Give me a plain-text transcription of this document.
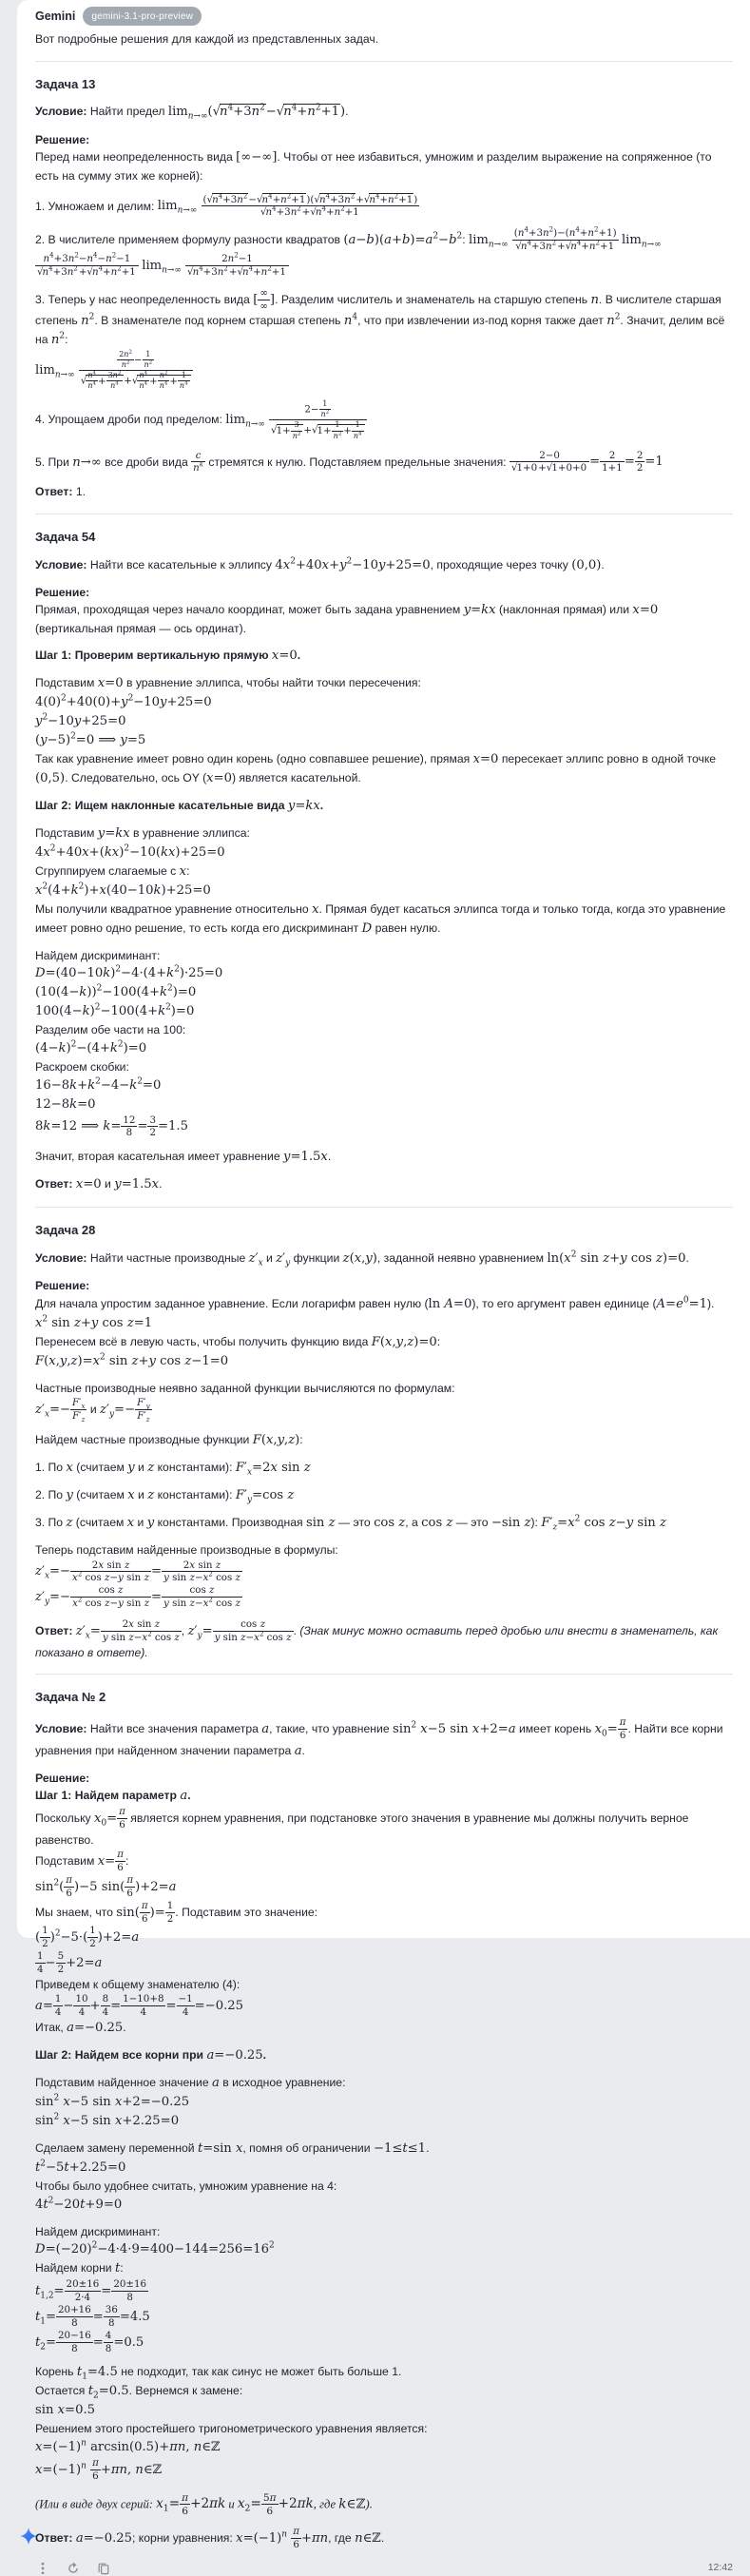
Gemini	gemini-3.1-pro-preview
Вот подробные решения для каждой из представленных задач.
Задача 13
Условие: Найти предел $\lim_{n\to\infty}(√n^4+3n^2-√n^4+n^2+1)$.
Решение:
Перед нами неопределенность вида [∞−∞]. Чтобы от нее избавиться, умножим и разделим выражение на сопряженное (то есть на сумму этих же корней):
1. Умножаем и делим: $\lim_{n\to\infty} \frac{(√n^4+3n^2-√n^4+n^2+1)(√n^4+3n^2+√n^4+n^2+1)}{√n^4+3n^2+√n^4+n^2+1}$
2. В числителе применяем формулу разности квадратов $(a-b)(a+b)=a^2-b^2$: $\lim_{n\to\infty} \frac{(n^4+3n^2)-(n^4+n^2+1)}{√n^4+3n^2+√n^4+n^2+1} \lim_{n\to\infty}$
$\frac{n^4+3n^2-n^4-n^2-1}{√n^4+3n^2+√n^4+n^2+1} \lim_{n\to\infty} \frac{2n^2-1}{√n^4+3n^2+√n^4+n^2+1}$
3. Теперь у нас неопределенность вида [ $\frac{\infty}{\infty}$ ]. Разделим числитель и знаменатель на старшую степень n. В числителе старшая степень $n^2$. В знаменателе под корнем старшая степень $n^4$, что при извлечении из-под корня также дает $n^2$. Значит, делим всё на $n^2$:
$\lim_{n\to\infty} \frac{\frac{2n^2}{n^2} - \frac{1}{n^2}}{√ \frac{n^4}{n^4} + \frac{3n^2}{n^4} +√ \frac{n^4}{n^4} + \frac{n^2}{n^4} + \frac{1}{n^4}}$
4. Упрощаем дроби под пределом: $\lim_{n\to\infty} \frac{2- \frac{1}{n^2}}{√1+ \frac{3}{n^2} +√1+ \frac{1}{n^2} + \frac{1}{n^4}}$
5. При n→∞ все дроби вида $\frac{c}{n^k}$ стремятся к нулю. Подставляем предельные значения: $\frac{2-0}{√1+0+√1+0+0} = \frac{2}{1+1} = \frac{2}{2} =1$
Ответ: 1.
Задача 54
Условие: Найти все касательные к эллипсу $4x^2+40x+y^2-10y+25=0$, проходящие через точку (0,0).
Решение:
Прямая, проходящая через начало координат, может быть задана уравнением y=kx (наклонная прямая) или x=0 (вертикальная прямая — ось ординат).
Шаг 1: Проверим вертикальную прямую x=0.
Подставим x=0 в уравнение эллипса, чтобы найти точки пересечения:
$4(0)^2+40(0)+y^2-10y+25=0$
$y^2-10y+25=0$
$(y-5)^2=0$ ⟹ y=5
Так как уравнение имеет ровно один корень (одно совпавшее решение), прямая x=0 пересекает эллипс ровно в одной точке (0,5). Следовательно, ось OY (x=0) является касательной.
Шаг 2: Ищем наклонные касательные вида y=kx.
Подставим y=kx в уравнение эллипса:
$4x^2+40x+(kx)^2-10(kx)+25=0$
Сгруппируем слагаемые с x:
$x^2(4+k^2)+x(40-10k)+25=0$
Мы получили квадратное уравнение относительно x. Прямая будет касаться эллипса тогда и только тогда, когда это уравнение имеет ровно одно решение, то есть когда его дискриминант D равен нулю.
Найдем дискриминант:
$D=(40-10k)^2-4\cdot(4+k^2)\cdot 25=0$
$(10(4-k))^2-100(4+k^2)=0$
$100(4-k)^2-100(4+k^2)=0$
Разделим обе части на 100:
$(4-k)^2-(4+k^2)=0$
Раскроем скобки:
$16-8k+k^2-4-k^2=0$
12−8k=0
8k=12 ⟹ $k= \frac{12}{8} = \frac{3}{2} =1.5$
Значит, вторая касательная имеет уравнение y=1.5x.
Ответ: x=0 и y=1.5x.
Задача 28
Условие: Найти частные производные $z'_x$ и $z'_y$ функции z(x,y), заданной неявно уравнением $\ln(x^2$ sin z+y cos z)=0.
Решение:
Для начала упростим заданное уравнение. Если логарифм равен нулю (ln A=0), то его аргумент равен единице $(A=e^0=1)$.
$x^2$ sin z+y cos z=1
Перенесем всё в левую часть, чтобы получить функцию вида F(x,y,z)=0:
$F(x,y,z)=x^2$ sin z+y cos z−1=0
Частные производные неявно заданной функции вычисляются по формулам:
$z'_x=- \frac{F'_x}{F'_z}$ и $z'_y=- \frac{F'_y}{F'_z}$
Найдем частные производные функции F(x,y,z):
1. По x (считаем y и z константами): $F'_x=2x$ sin z
2. По y (считаем x и z константами): $F'_y=\cos$ z
3. По z (считаем x и y константами. Производная sin z — это cos z, а cos z — это −sin z): $F'_z=x^2$ cos z−y sin z
Теперь подставим найденные производные в формулы:
$z'_x=- \frac{\text{2x sin z}}{x^2 \cos z-y \sin z} = \frac{\text{2x sin z}}{y \sin z-x^2 \cos z}$

$z'_y=- \frac{\text{cos z}}{x^2 \cos z-y \sin z} = \frac{\text{cos z}}{y \sin z-x^2 \cos z}$
Ответ: $z'_x= \frac{\text{2x sin z}}{y \sin z-x^2 \cos z}$ , $z'_y= \frac{\text{cos z}}{y \sin z-x^2 \cos z}$ . (Знак минус можно оставить перед дробью или внести в знаменатель, как показано в ответе).
Задача № 2
Условие: Найти все значения параметра a, такие, что уравнение $\sin^2 x-5$ sin x+2=a имеет корень $x_0= \frac{\pi}{6}$ . Найти все корни уравнения при найденном значении параметра a.
Решение:
Шаг 1: Найдем параметр a.
Поскольку $x_0= \frac{\pi}{6}$ является корнем уравнения, при подстановке этого значения в уравнение мы должны получить верное равенство.
Подставим $x= \frac{\pi}{6}$ :
$\sin^2( \frac{\pi}{6} )-5$ $\sin( \frac{\pi}{6} )+2=a$
Мы знаем, что $\sin( \frac{\pi}{6}$ )= $\frac{1}{2}$ . Подставим это значение:
( $\frac{1}{2} )^2-5\cdot( \frac{1}{2} )+2=a$

$\frac{1}{4} - \frac{5}{2} +2=a$
Приведем к общему знаменателю (4):
$a= \frac{1}{4} - \frac{10}{4} + \frac{8}{4} = \frac{1-10+8}{4} = \frac{-1}{4} =-0.25$
Итак, a=−0.25.
Шаг 2: Найдем все корни при a=−0.25.
Подставим найденное значение a в исходное уравнение:
$\sin^2 x-5$ sin x+2=−0.25
$\sin^2 x-5$ sin x+2.25=0
Сделаем замену переменной t=sin x, помня об ограничении −1≤t≤1.
$t^2-5t+2.25=0$
Чтобы было удобнее считать, умножим уравнение на 4:
$4t^2-20t+9=0$
Найдем дискриминант:
$D=(-20)^2-4\cdot 4\cdot 9=400-144=256=16^2$
Найдем корни t:
$t_{1,2}= \frac{20\pm 16}{2\cdot 4} = \frac{20\pm 16}{8}$

$t_1= \frac{20+16}{8} = \frac{36}{8} =4.5$
$t_2= \frac{20-16}{8} = \frac{4}{8} =0.5$
Корень $t_1=4.5$ не подходит, так как синус не может быть больше 1.
Остается $t_2=0.5$. Вернемся к замене:
sin x=0.5
Решением этого простейшего тригонометрического уравнения является:
$x=(-1)^n$ arcsin(0.5)+πn, n∈ℤ
$x=(-1)^n \frac{\pi}{6} +\pi n$, n∈ℤ
(Или в виде двух серий: $x_1= \frac{\pi}{6} +2\pi k$ и $x_2= \frac{5\pi}{6} +2\pi k$, где k∈ℤ).
Ответ: a=−0.25; корни уравнения: $x=(-1)^n \frac{\pi}{6} +\pi n$, где n∈ℤ.
12:42
